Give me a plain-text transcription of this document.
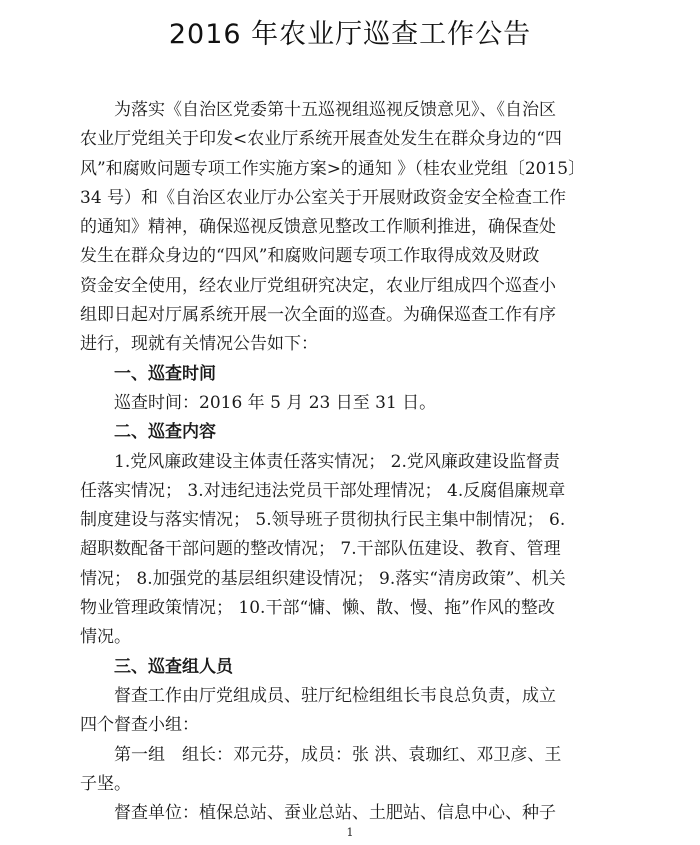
2016 年农业厅巡查工作公告
为落实《自治区党委第十五巡视组巡视反馈意见》、《自治区
农业厅党组关于印发<农业厅系统开展查处发生在群众身边的“四
风”和腐败问题专项工作实施方案>的通知 》（桂农业党组〔2015〕
34 号）和《自治区农业厅办公室关于开展财政资金安全检查工作
的通知》精神，确保巡视反馈意见整改工作顺利推进，确保查处
发生在群众身边的“四风”和腐败问题专项工作取得成效及财政
资金安全使用，经农业厅党组研究决定，农业厅组成四个巡查小
组即日起对厅属系统开展一次全面的巡查。为确保巡查工作有序
进行，现就有关情况公告如下：
一、巡查时间
巡查时间：2016 年 5 月 23 日至 31 日。
二、巡查内容
1.党风廉政建设主体责任落实情况； 2.党风廉政建设监督责
任落实情况； 3.对违纪违法党员干部处理情况； 4.反腐倡廉规章
制度建设与落实情况； 5.领导班子贯彻执行民主集中制情况； 6.
超职数配备干部问题的整改情况； 7.干部队伍建设、教育、管理
情况； 8.加强党的基层组织建设情况； 9.落实“清房政策”、机关
物业管理政策情况； 10.干部“慵、懒、散、慢、拖”作风的整改
情况。
三、巡查组人员
督查工作由厅党组成员、驻厅纪检组组长韦良总负责，成立
四个督查小组：
第一组　组长：邓元芬，成员：张 洪、袁珈红、邓卫彦、王
子坚。
督查单位：植保总站、蚕业总站、土肥站、信息中心、种子
1
